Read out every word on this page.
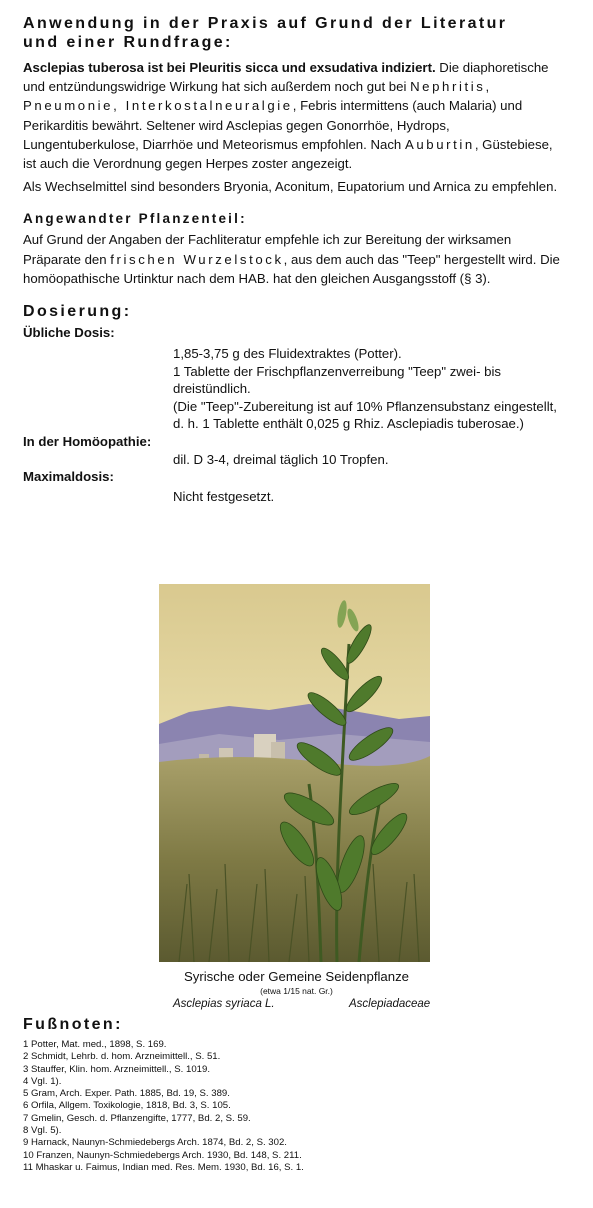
Anwendung in der Praxis auf Grund der Literatur
und einer Rundfrage:

Asclepias tuberosa ist bei Pleuritis sicca und exsudativa indiziert. Die diaphoretische und entzündungswidrige Wirkung hat sich außerdem noch gut bei Nephritis, Pneumonie, Interkostalneuralgie, Febris intermittens (auch Malaria) und Perikarditis bewährt. Seltener wird Asclepias gegen Gonorrhöe, Hydrops, Lungentuberkulose, Diarrhöe und Meteorismus empfohlen. Nach Auburtin, Güstebiese, ist auch die Verordnung gegen Herpes zoster angezeigt.

Als Wechselmittel sind besonders Bryonia, Aconitum, Eupatorium und Arnica zu empfehlen.

Angewandter Pflanzenteil:

Auf Grund der Angaben der Fachliteratur empfehle ich zur Bereitung der wirksamen Präparate den frischen Wurzelstock, aus dem auch das "Teep" hergestellt wird. Die homöopathische Urtinktur nach dem HAB. hat den gleichen Ausgangsstoff (§ 3).

Dosierung:
Übliche Dosis:
1,85-3,75 g des Fluidextraktes (Potter).
1 Tablette der Frischpflanzenverreibung "Teep" zwei- bis dreistündlich.
(Die "Teep"-Zubereitung ist auf 10% Pflanzensubstanz eingestellt, d. h. 1 Tablette enthält 0,025 g Rhiz. Asclepiadis tuberosae.)
In der Homöopathie:
dil. D 3-4, dreimal täglich 10 Tropfen.
Maximaldosis:
Nicht festgesetzt.
Syrische oder Gemeine Seidenpflanze
(etwa 1/15 nat. Gr.)
Asclepias syriaca L.	Asclepiadaceae
Fußnoten:
1 Potter, Mat. med., 1898, S. 169.
2 Schmidt, Lehrb. d. hom. Arzneimittell., S. 51.
3 Stauffer, Klin. hom. Arzneimittell., S. 1019.
4 Vgl. 1).
5 Gram, Arch. Exper. Path. 1885, Bd. 19, S. 389.
6 Orfila, Allgem. Toxikologie, 1818, Bd. 3, S. 105.
7 Gmelin, Gesch. d. Pflanzengifte, 1777, Bd. 2, S. 59.
8 Vgl. 5).
9 Harnack, Naunyn-Schmiedebergs Arch. 1874, Bd. 2, S. 302.
10 Franzen, Naunyn-Schmiedebergs Arch. 1930, Bd. 148, S. 211.
11 Mhaskar u. Faimus, Indian med. Res. Mem. 1930, Bd. 16, S. 1.
